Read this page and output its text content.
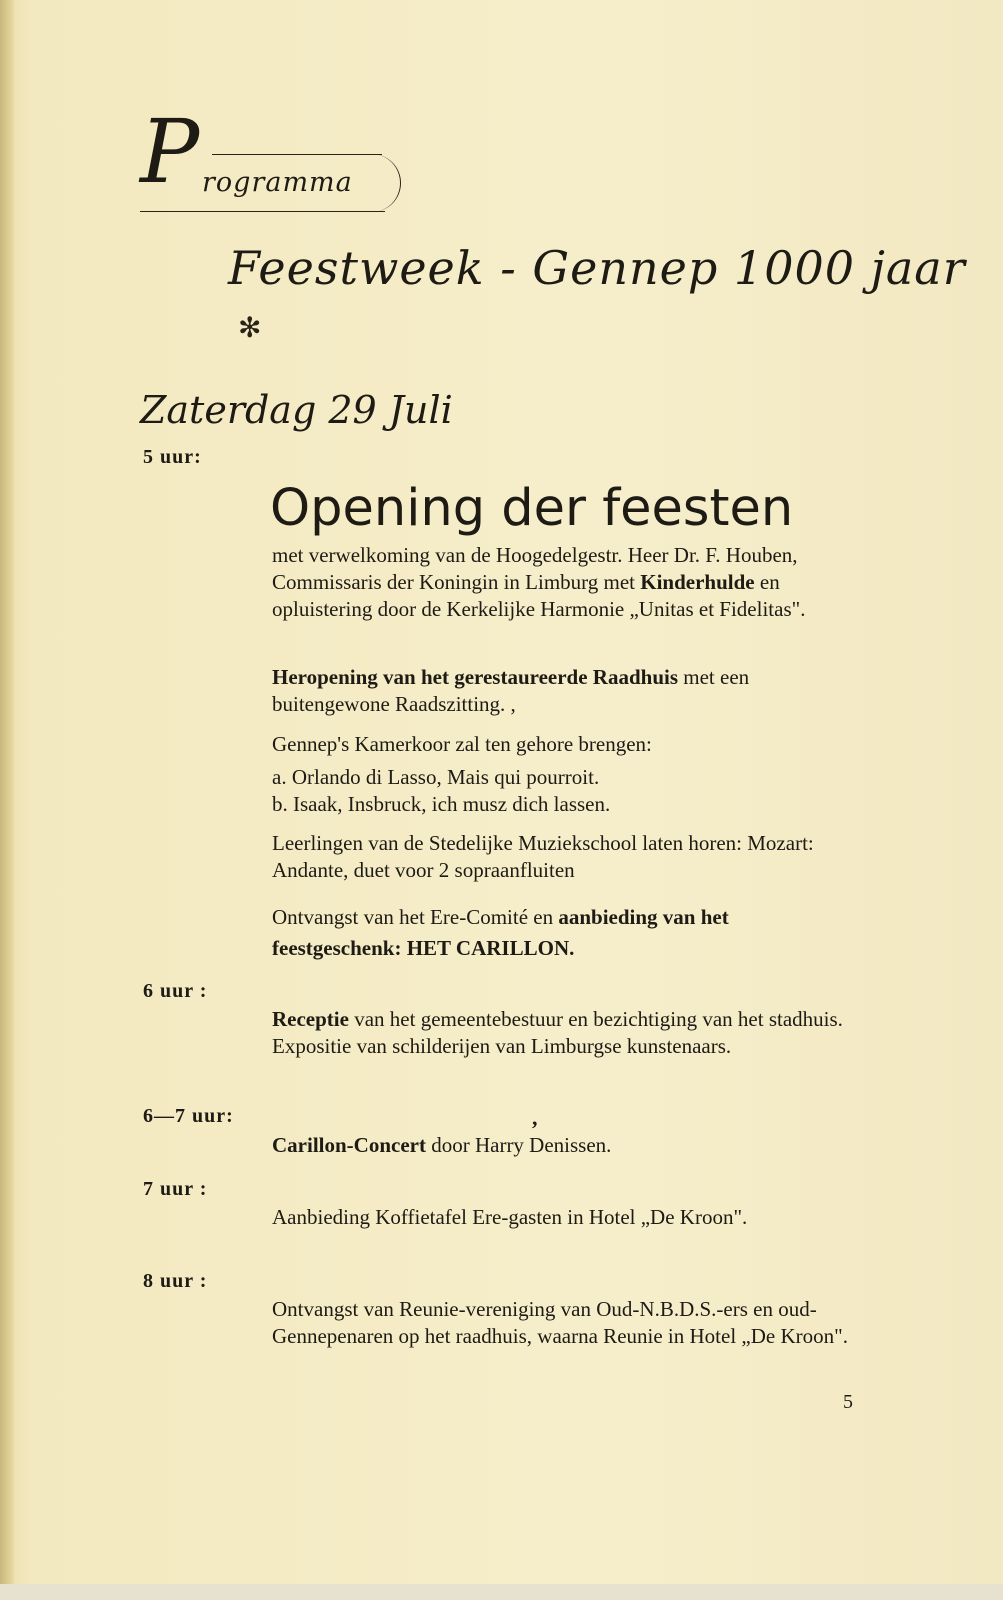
P rogramma
Feestweek - Gennep 1000 jaar
✻
Zaterdag 29 Juli
5 uur:
Opening der feesten

met verwelkoming van de Hoogedelgestr. Heer Dr. F. Houben, Commissaris der Koningin in Limburg met Kinderhulde en opluistering door de Kerkelijke Harmonie „Unitas et Fidelitas".

Heropening van het gerestaureerde Raadhuis met een buitengewone Raadszitting. ,

Gennep's Kamerkoor zal ten gehore brengen:

a. Orlando di Lasso, Mais qui pourroit.

b. Isaak, Insbruck, ich musz dich lassen.

Leerlingen van de Stedelijke Muziekschool laten horen: Mozart: Andante, duet voor 2 sopraanfluiten

Ontvangst van het Ere-Comité en aanbieding van het feestgeschenk: HET CARILLON.

6 uur :

Receptie van het gemeentebestuur en bezichtiging van het stadhuis. Expositie van schilderijen van Limburgse kunstenaars.

6—7 uur:	,

Carillon-Concert door Harry Denissen.

7 uur :

Aanbieding Koffietafel Ere-gasten in Hotel „De Kroon".

8 uur :

Ontvangst van Reunie-vereniging van Oud-N.B.D.S.-ers en oud-Gennepenaren op het raadhuis, waarna Reunie in Hotel „De Kroon".

5
